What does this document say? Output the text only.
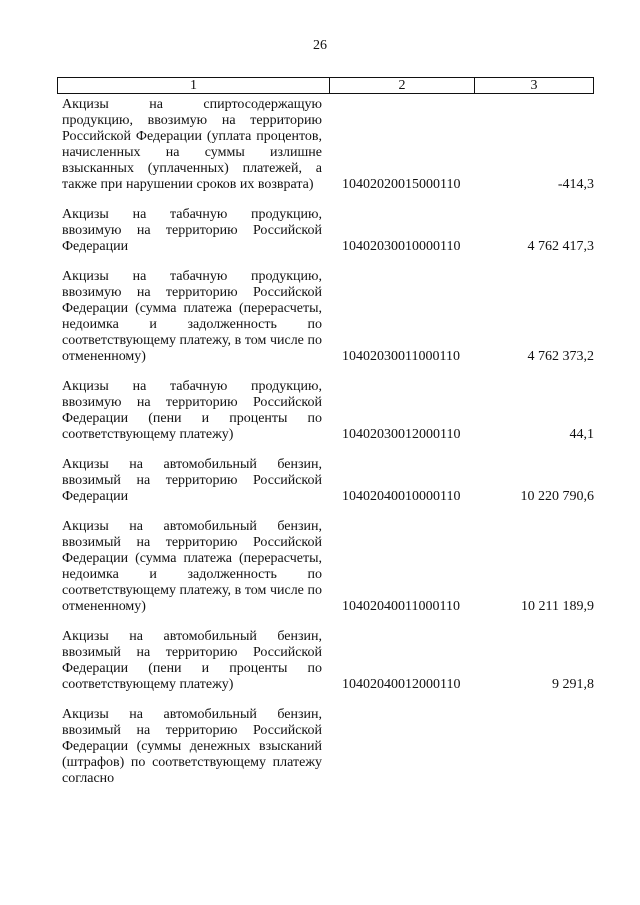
26
1	2	3
Акцизы на спиртосодержащую продукцию, ввозимую на территорию Российской Федерации (уплата процентов, начисленных на суммы излишне взысканных (уплаченных) платежей, а также при нарушении сроков их возврата)	10402020015000110	-414,3
Акцизы на табачную продукцию, ввозимую на территорию Российской Федерации	10402030010000110	4 762 417,3
Акцизы на табачную продукцию, ввозимую на территорию Российской Федерации (сумма платежа (перерасчеты, недоимка и задолженность по соответствующему платежу, в том числе по отмененному)	10402030011000110	4 762 373,2
Акцизы на табачную продукцию, ввозимую на территорию Российской Федерации (пени и проценты по соответствующему платежу)	10402030012000110	44,1
Акцизы на автомобильный бензин, ввозимый на территорию Российской Федерации	10402040010000110	10 220 790,6
Акцизы на автомобильный бензин, ввозимый на территорию Российской Федерации (сумма платежа (перерасчеты, недоимка и задолженность по соответствующему платежу, в том числе по отмененному)	10402040011000110	10 211 189,9
Акцизы на автомобильный бензин, ввозимый на территорию Российской Федерации (пени и проценты по соответствующему платежу)	10402040012000110	9 291,8
Акцизы на автомобильный бензин, ввозимый на территорию Российской Федерации (суммы денежных взысканий (штрафов) по соответствующему платежу согласно
